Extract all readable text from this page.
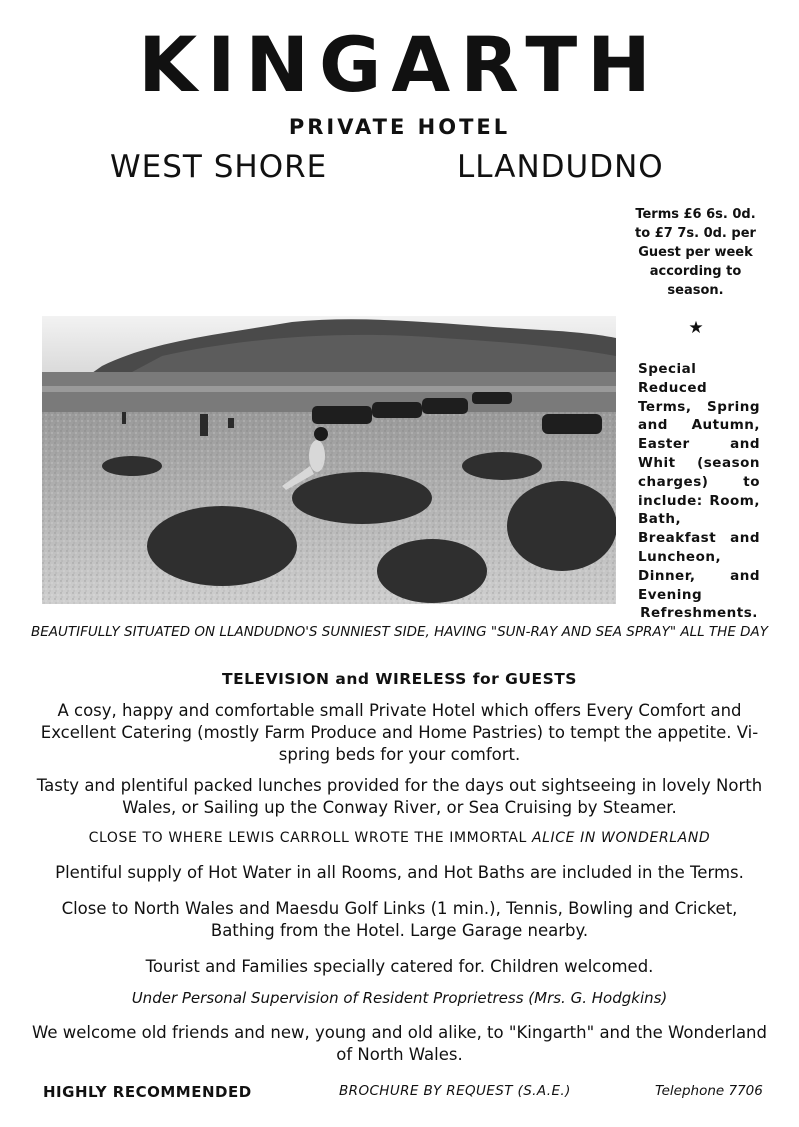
KINGARTH
PRIVATE HOTEL
WEST SHORE	LLANDUDNO
Terms £6 6s. 0d. to £7 7s. 0d. per Guest per week according to season.
★
Special Reduced Terms, Spring and Autumn, Easter and Whit (season charges) to include: Room, Bath, Breakfast and Luncheon, Dinner, and Evening
Refreshments.
BEAUTIFULLY SITUATED ON LLANDUDNO'S SUNNIEST SIDE, HAVING "SUN-RAY AND SEA SPRAY" ALL THE DAY
TELEVISION and WIRELESS for GUESTS
A cosy, happy and comfortable small Private Hotel which offers Every Comfort and Excellent Catering (mostly Farm Produce and Home Pastries) to tempt the appetite. Vi-spring beds for your comfort.
Tasty and plentiful packed lunches provided for the days out sightseeing in lovely North Wales, or Sailing up the Conway River, or Sea Cruising by Steamer.
CLOSE TO WHERE LEWIS CARROLL WROTE THE IMMORTAL ALICE IN WONDERLAND
Plentiful supply of Hot Water in all Rooms, and Hot Baths are included in the Terms.
Close to North Wales and Maesdu Golf Links (1 min.), Tennis, Bowling and Cricket, Bathing from the Hotel. Large Garage nearby.
Tourist and Families specially catered for. Children welcomed.
Under Personal Supervision of Resident Proprietress (Mrs. G. Hodgkins)
We welcome old friends and new, young and old alike, to "Kingarth" and the Wonderland of North Wales.
HIGHLY RECOMMENDED	BROCHURE BY REQUEST (S.A.E.)	Telephone 7706
